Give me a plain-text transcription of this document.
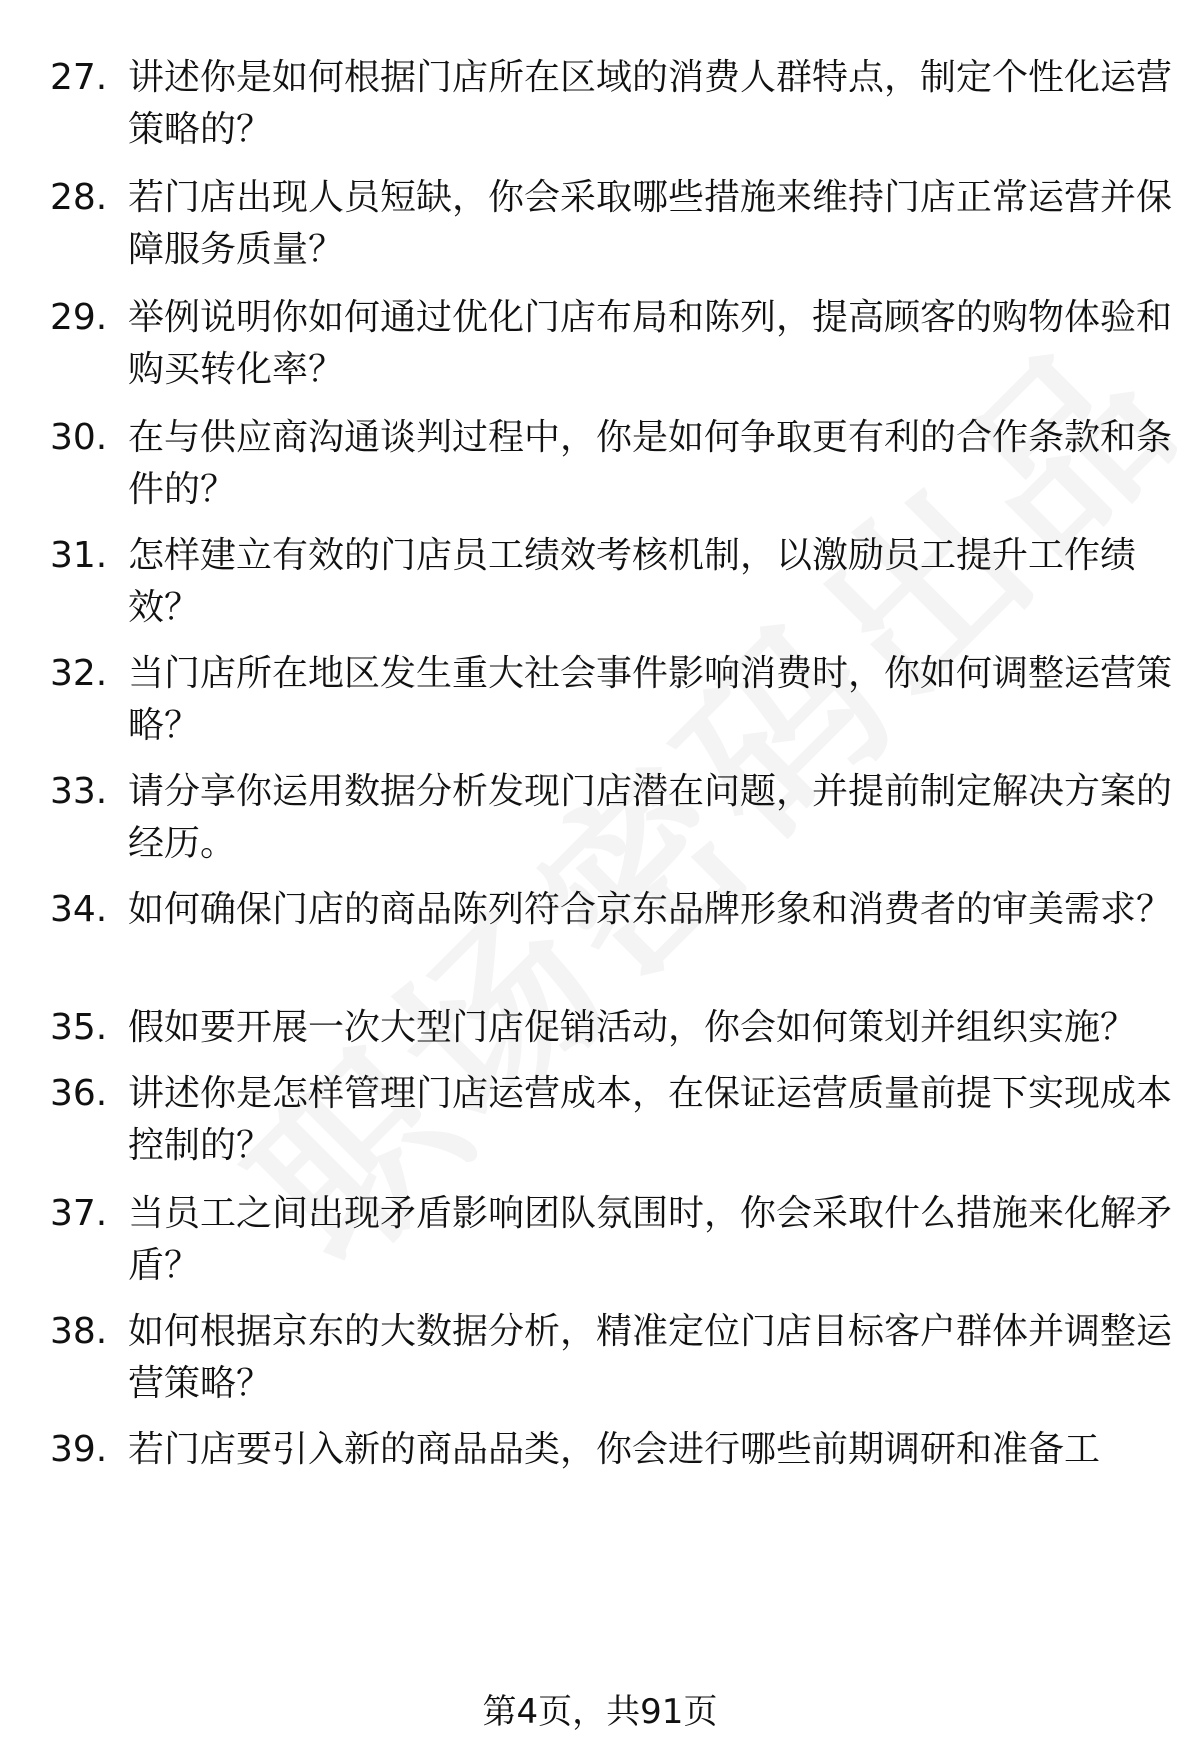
27. 讲述你是如何根据门店所在区域的消费人群特点，制定个性化运营策略的？
28. 若门店出现人员短缺，你会采取哪些措施来维持门店正常运营并保障服务质量？
29. 举例说明你如何通过优化门店布局和陈列，提高顾客的购物体验和购买转化率？
30. 在与供应商沟通谈判过程中，你是如何争取更有利的合作条款和条件的？
31. 怎样建立有效的门店员工绩效考核机制，以激励员工提升工作绩效？
32. 当门店所在地区发生重大社会事件影响消费时，你如何调整运营策略？
33. 请分享你运用数据分析发现门店潜在问题，并提前制定解决方案的经历。
34. 如何确保门店的商品陈列符合京东品牌形象和消费者的审美需求？
35. 假如要开展一次大型门店促销活动，你会如何策划并组织实施？
36. 讲述你是怎样管理门店运营成本，在保证运营质量前提下实现成本控制的？
37. 当员工之间出现矛盾影响团队氛围时，你会采取什么措施来化解矛盾？
38. 如何根据京东的大数据分析，精准定位门店目标客户群体并调整运营策略？
39. 若门店要引入新的商品品类，你会进行哪些前期调研和准备工
第4页，共91页
